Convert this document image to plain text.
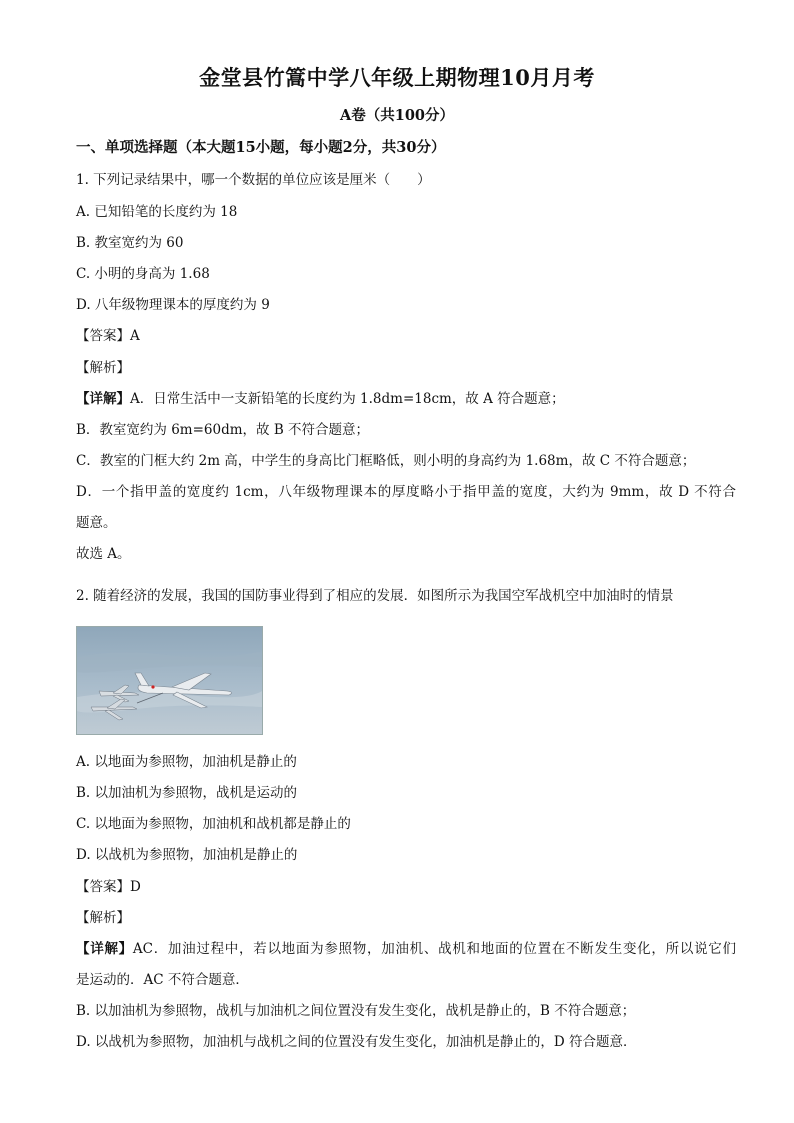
金堂县竹篙中学八年级上期物理10月月考
A卷（共100分）
一、单项选择题（本大题15小题，每小题2分，共30分）
1. 下列记录结果中，哪一个数据的单位应该是厘米（　　）
A. 已知铅笔的长度约为 18
B. 教室宽约为 60
C. 小明的身高为 1.68
D. 八年级物理课本的厚度约为 9
【答案】A
【解析】
【详解】A．日常生活中一支新铅笔的长度约为 1.8dm=18cm，故 A 符合题意；
B．教室宽约为 6m=60dm，故 B 不符合题意；
C．教室的门框大约 2m 高，中学生的身高比门框略低，则小明的身高约为 1.68m，故 C 不符合题意；
D．一个指甲盖的宽度约 1cm，八年级物理课本的厚度略小于指甲盖的宽度，大约为 9mm，故 D 不符合
题意。
故选 A。
2. 随着经济的发展，我国的国防事业得到了相应的发展．如图所示为我国空军战机空中加油时的情景
A. 以地面为参照物，加油机是静止的
B. 以加油机为参照物，战机是运动的
C. 以地面为参照物，加油机和战机都是静止的
D. 以战机为参照物，加油机是静止的
【答案】D
【解析】
【详解】AC．加油过程中，若以地面为参照物，加油机、战机和地面的位置在不断发生变化，所以说它们
是运动的．AC 不符合题意．
B. 以加油机为参照物，战机与加油机之间位置没有发生变化，战机是静止的，B 不符合题意；
D. 以战机为参照物，加油机与战机之间的位置没有发生变化，加油机是静止的，D 符合题意．
